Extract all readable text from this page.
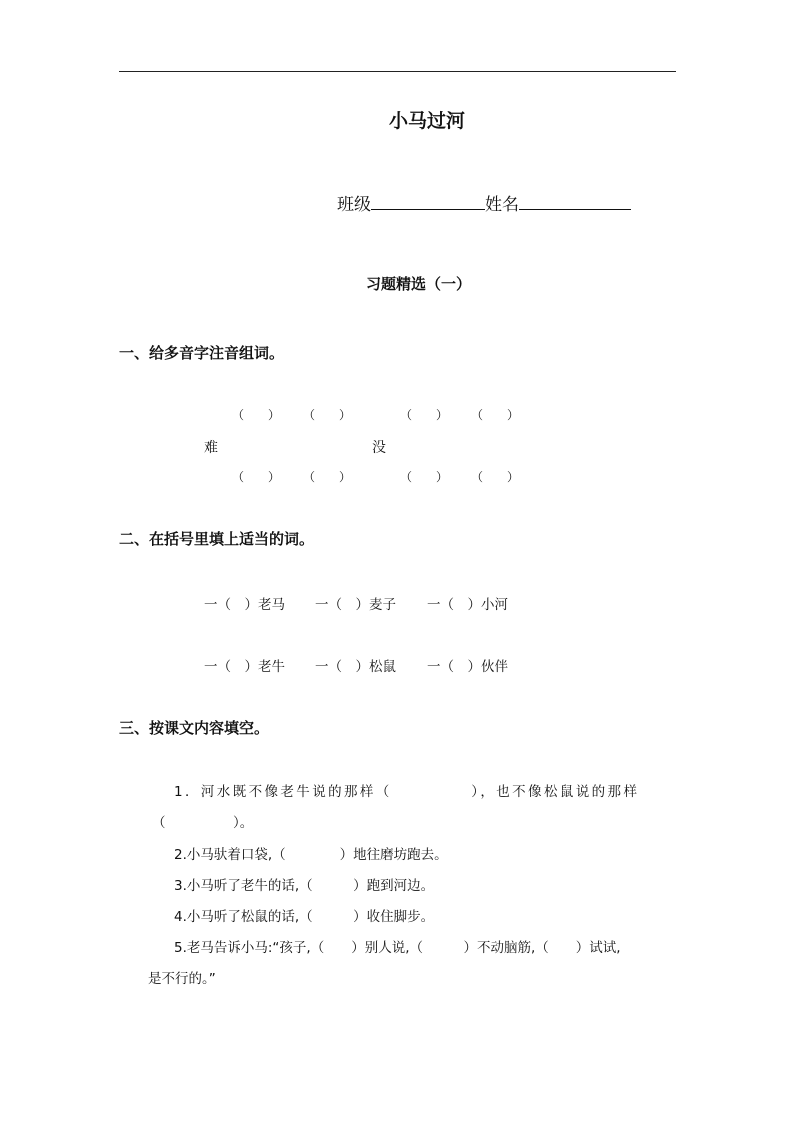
小马过河
班级	姓名
习题精选（一）
一、给多音字注音组词。
（　　） （　　）	（　　） （　　）
难	没
（　　） （　　）	（　　） （　　）
二、在括号里填上适当的词。
一（　）老马 一（　）麦子 一（　）小河
一（　）老牛 一（　）松鼠 一（　）伙伴
三、按课文内容填空。
1．河水既不像老牛说的那样（　　　　　），也不像松鼠说的那样
（　　　　　）。
2.小马驮着口袋,（　　　　）地往磨坊跑去。
3.小马听了老牛的话,（　　　）跑到河边。
4.小马听了松鼠的话,（　　　）收住脚步。
5.老马告诉小马:“孩子,（　　）别人说,（　　　）不动脑筋,（　　）试试,
是不行的。”
